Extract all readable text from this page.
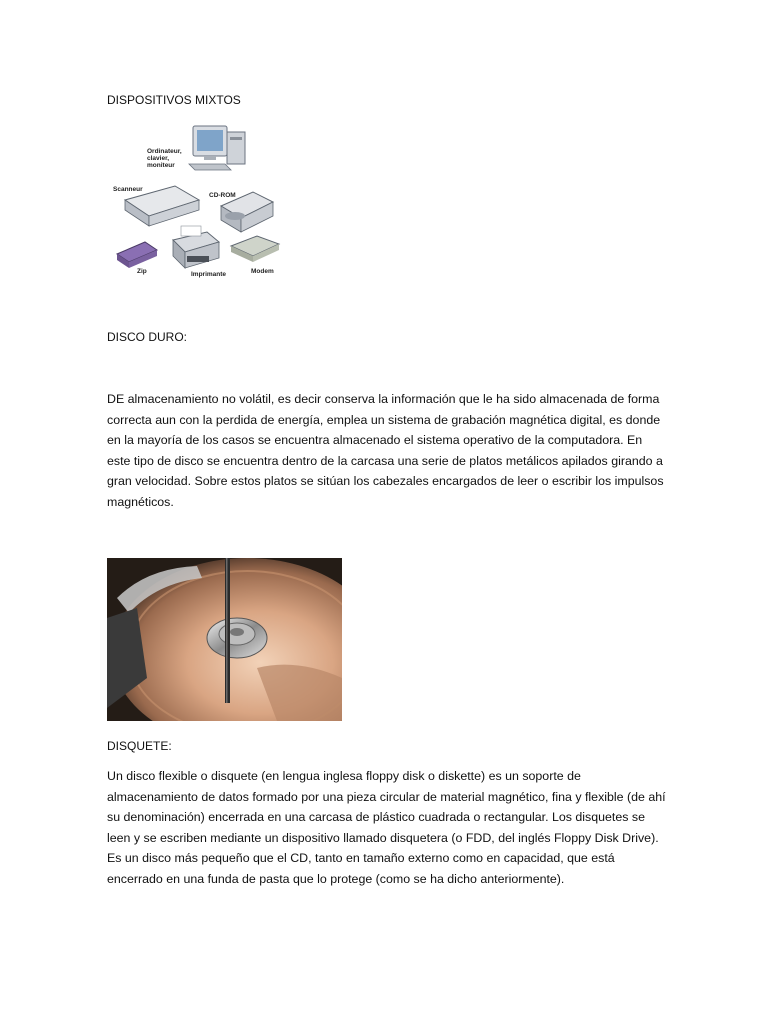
DISPOSITIVOS MIXTOS
Ordinateur,
clavier,
moniteur
Scanneur
CD-ROM
Zip	Imprimante	Modem
DISCO DURO:
DE almacenamiento no volátil, es decir conserva la información que le ha sido almacenada de forma correcta aun con la perdida de energía, emplea un sistema de grabación magnética digital, es donde en la mayoría de los casos se encuentra almacenado el sistema operativo de la computadora. En este tipo de disco se encuentra dentro de la carcasa una serie de platos metálicos apilados girando a gran velocidad. Sobre estos platos se sitúan los cabezales encargados de leer o escribir los impulsos magnéticos.
DISQUETE:
Un disco flexible o disquete (en lengua inglesa floppy disk o diskette) es un soporte de almacenamiento de datos formado por una pieza circular de material magnético, fina y flexible (de ahí su denominación) encerrada en una carcasa de plástico cuadrada o rectangular. Los disquetes se leen y se escriben mediante un dispositivo llamado disquetera (o FDD, del inglés Floppy Disk Drive). Es un disco más pequeño que el CD, tanto en tamaño externo como en capacidad, que está encerrado en una funda de pasta que lo protege (como se ha dicho anteriormente).
